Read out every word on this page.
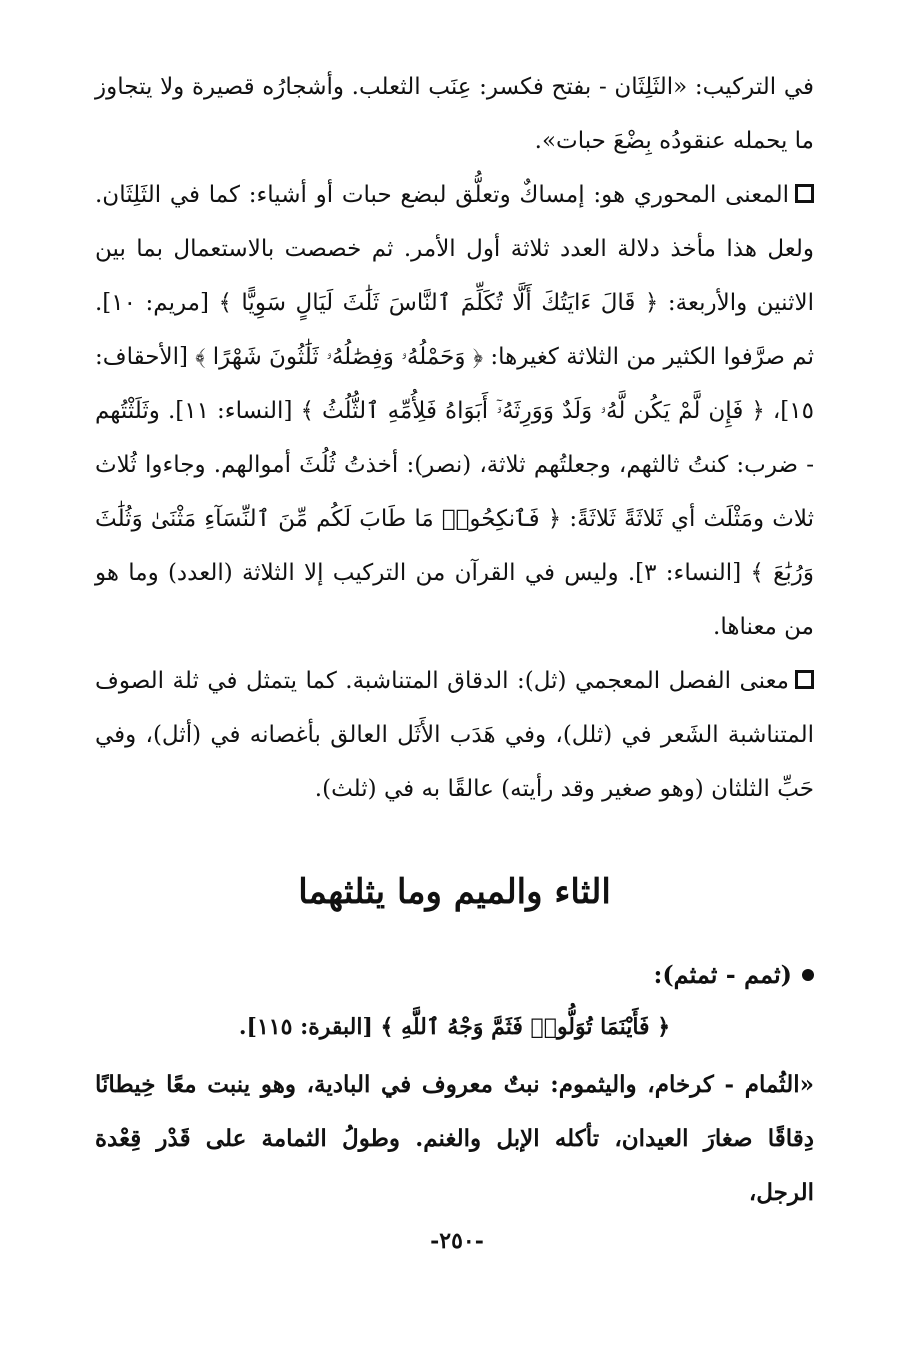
في التركيب: «الثَلِثَان - بفتح فكسر: عِنَب الثعلب. وأشجارُه قصيرة ولا يتجاوز ما يحمله عنقودُه بِضْعَ حبات».

المعنى المحوري هو: إمساكٌ وتعلُّق لبضع حبات أو أشياء: كما في الثَلِثَان. ولعل هذا مأخذ دلالة العدد ثلاثة أول الأمر. ثم خصصت بالاستعمال بما بين الاثنين والأربعة: ﴿ قَالَ ءَايَتُكَ أَلَّا تُكَلِّمَ ٱلنَّاسَ ثَلَٰثَ لَيَالٍ سَوِيًّا ﴾ [مريم: ١٠]. ثم صرَّفوا الكثير من الثلاثة كغيرها: ﴿ وَحَمْلُهُۥ وَفِصَٰلُهُۥ ثَلَٰثُونَ شَهْرًا ﴾ [الأحقاف: ١٥]، ﴿ فَإِن لَّمْ يَكُن لَّهُۥ وَلَدٌ وَوَرِثَهُۥٓ أَبَوَاهُ فَلِأُمِّهِ ٱلثُّلُثُ ﴾ [النساء: ١١]. وثَلَثْتُهم - ضرب: كنتُ ثالثهم، وجعلتُهم ثلاثة، (نصر): أخذتُ ثُلُثَ أموالهم. وجاءوا ثُلاث ثلاث ومَثْلَث أي ثَلاثَةً ثَلاثَةً: ﴿ فَٱنكِحُوا۟ مَا طَابَ لَكُم مِّنَ ٱلنِّسَآءِ مَثْنَىٰ وَثُلَٰثَ وَرُبَٰعَ ﴾ [النساء: ٣]. وليس في القرآن من التركيب إلا الثلاثة (العدد) وما هو من معناها.

معنى الفصل المعجمي (ثل): الدقاق المتناشبة. كما يتمثل في ثلة الصوف المتناشبة الشَعر في (ثلل)، وفي هَدَب الأَثَل العالق بأغصانه في (أثل)، وفي حَبِّ الثلثان (وهو صغير وقد رأيته) عالقًا به في (ثلث).

الثاء والميم وما يثلثهما

(ثمم - ثمثم):

﴿ فَأَيْنَمَا تُوَلُّوا۟ فَثَمَّ وَجْهُ ٱللَّهِ ﴾ [البقرة: ١١٥].

«الثُمام - كرخام، واليثموم: نبتٌ معروف في البادية، وهو ينبت معًا خِيطانًا دِقاقًا صغارَ العيدان، تأكله الإبل والغنم. وطولُ الثمامة على قَدْر قِعْدة الرجل،

-٢٥٠-
